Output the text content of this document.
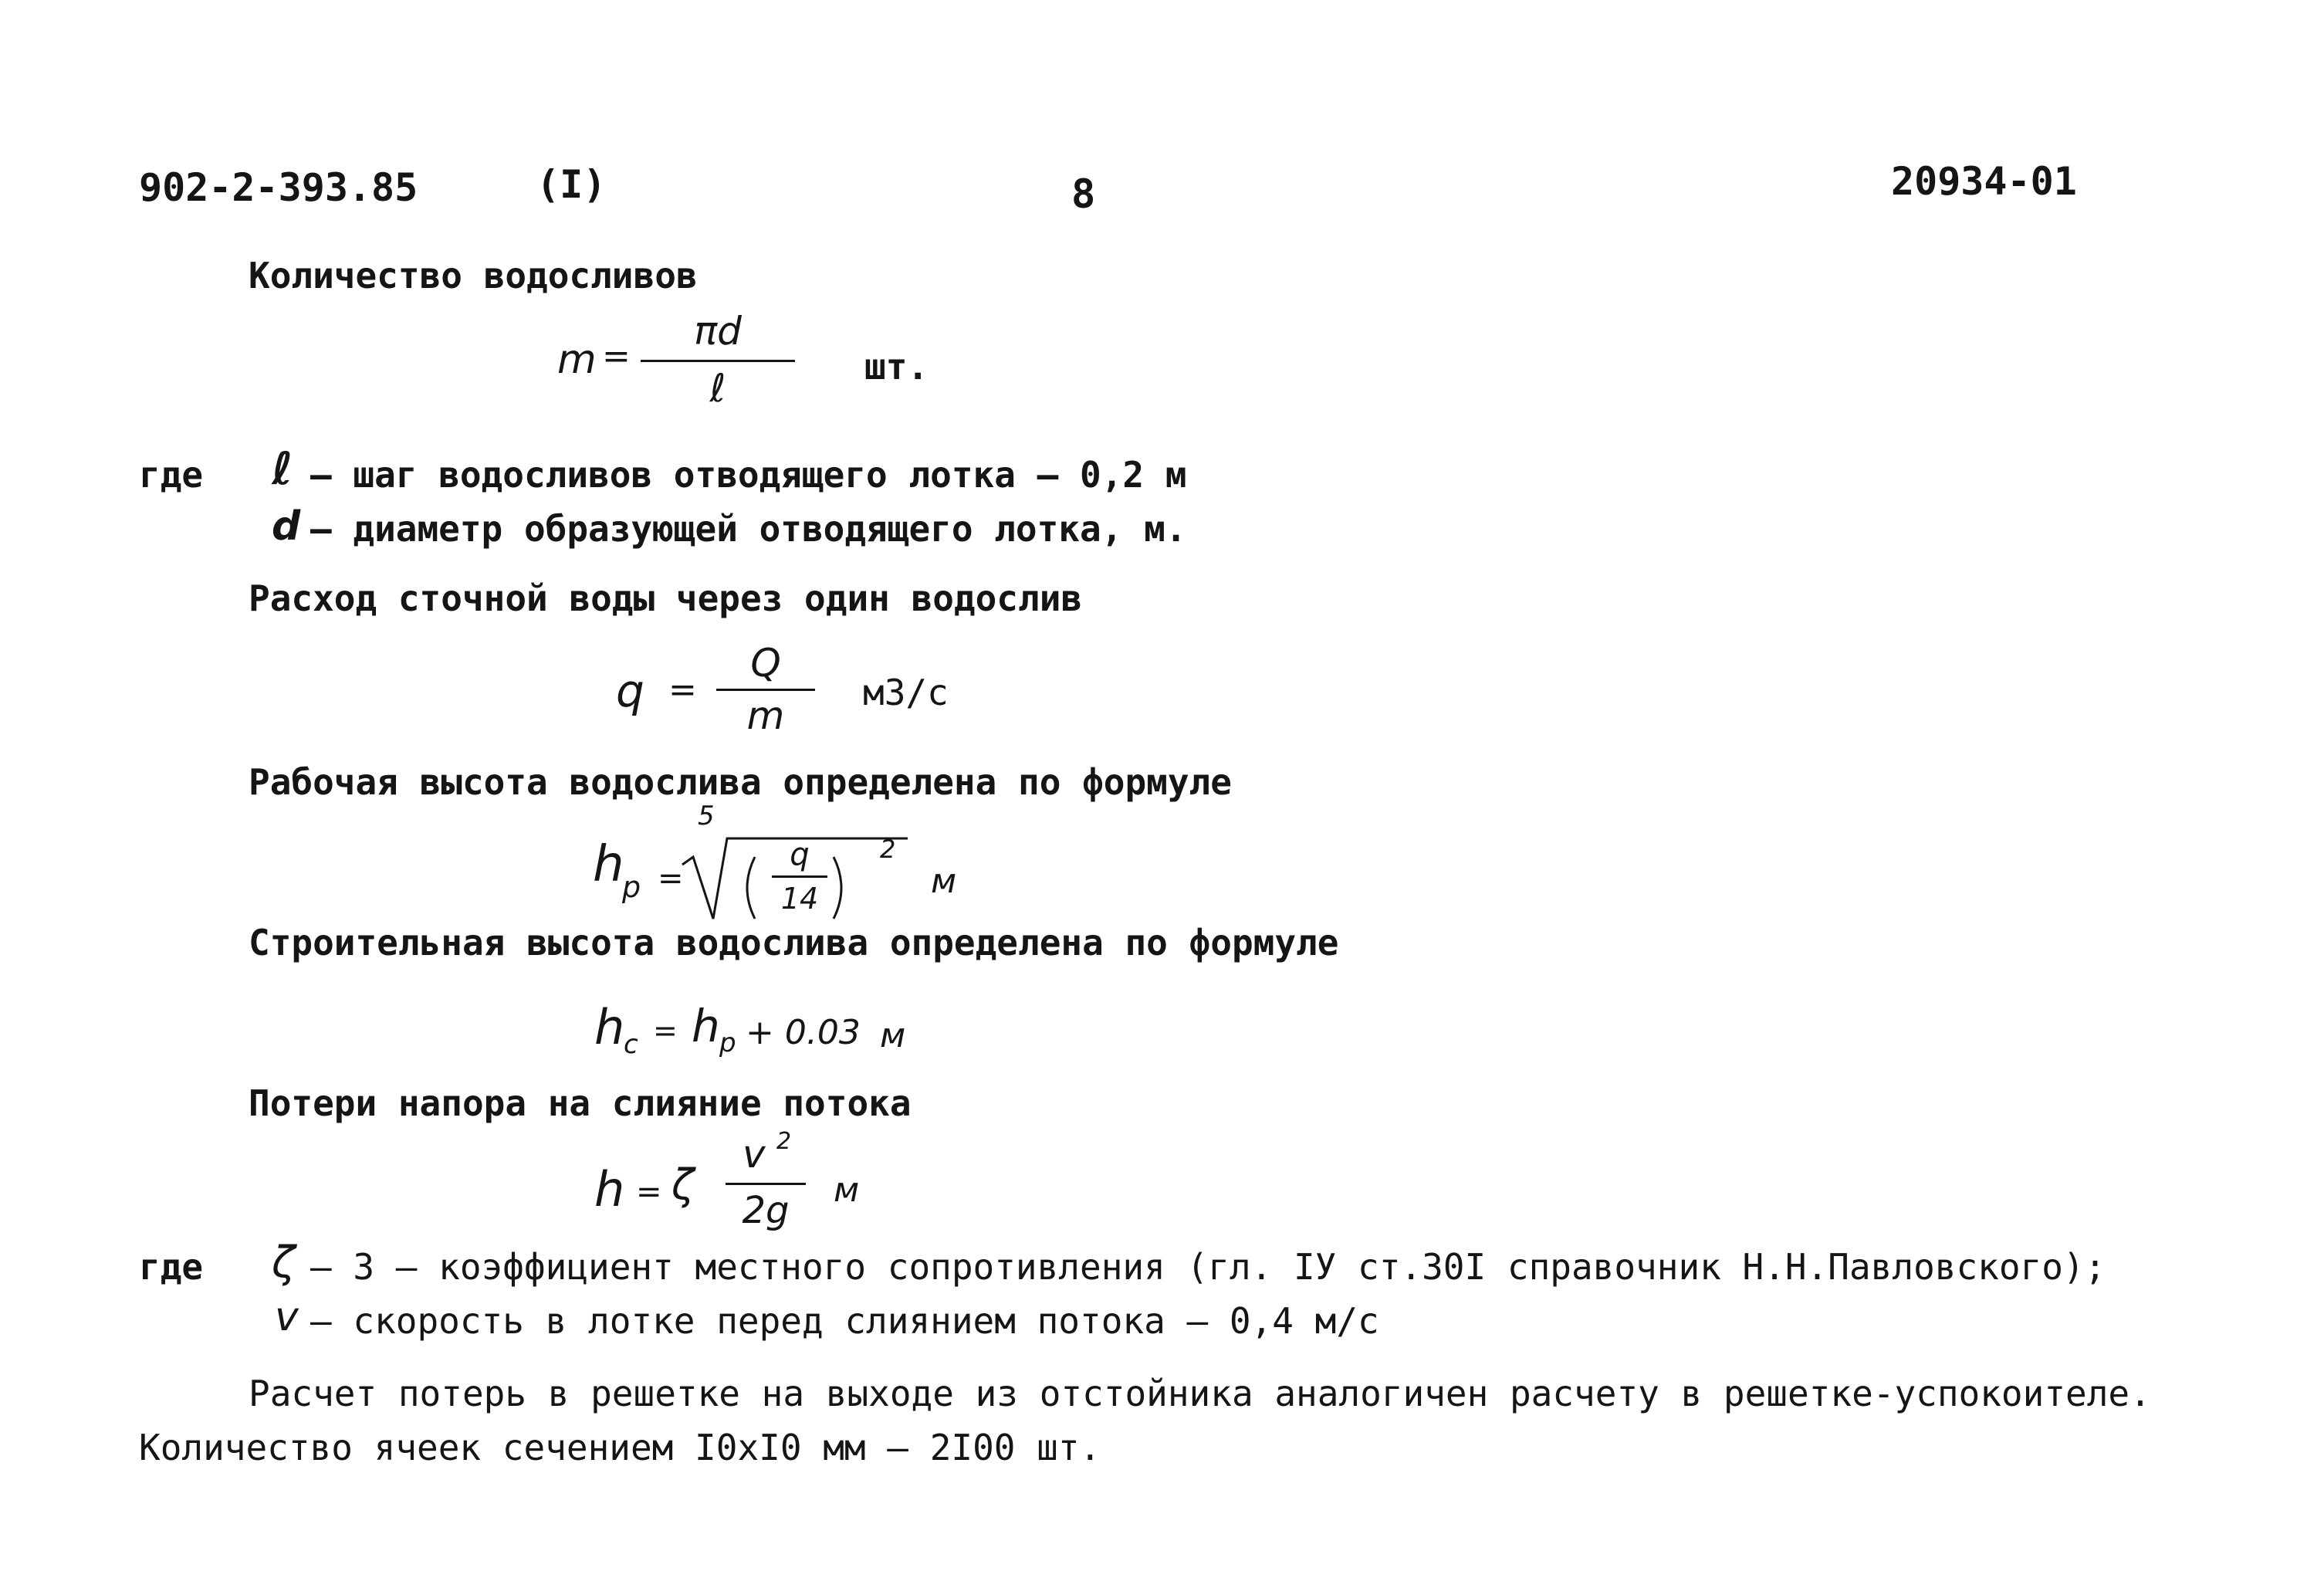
902-2-393.85	(I)	8	20934-01
Количество водосливов
m =
πd
ℓ	шт.
где ℓ – шаг водосливов отводящего лотка – 0,2 м
d – диаметр образующей отводящего лотка, м.
Расход сточной воды через один водослив
q =
Q
m
м3/с
Рабочая высота водослива определена по формуле
h
p =
5
q
14
2
м
Строительная высота водослива определена по формуле
h
c = h p + 0.03 м
Потери напора на слияние потока
h = ζ
v 2
2g	м
где ζ – 3 – коэффициент местного сопротивления (гл. IУ ст.30I справочник Н.Н.Павловского);
v – скорость в лотке перед слиянием потока – 0,4 м/с
Расчет потерь в решетке на выходе из отстойника аналогичен расчету в решетке-успокоителе.
Количество ячеек сечением I0xI0 мм – 2I00 шт.
